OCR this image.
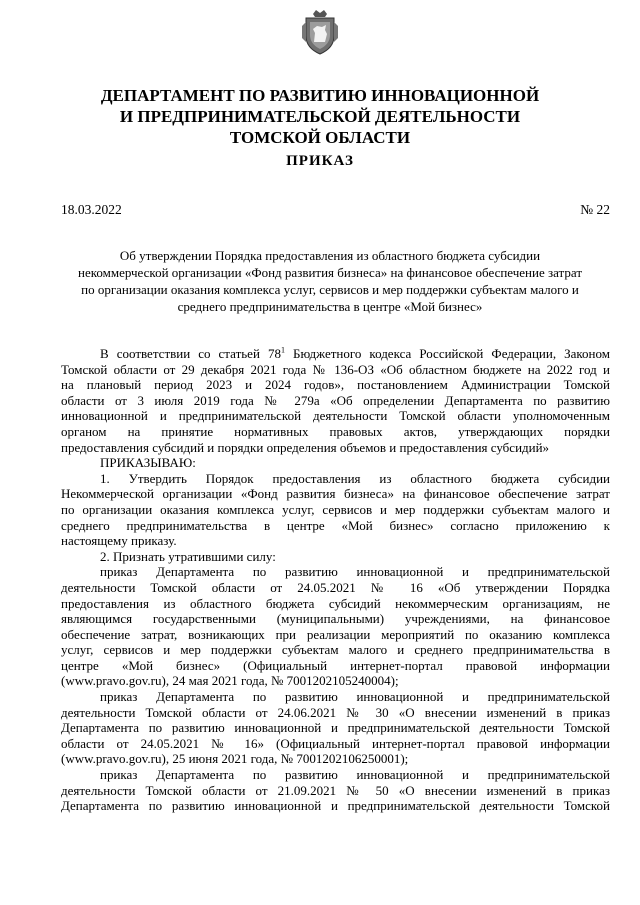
ДЕПАРТАМЕНТ ПО РАЗВИТИЮ ИННОВАЦИОННОЙ
И ПРЕДПРИНИМАТЕЛЬСКОЙ ДЕЯТЕЛЬНОСТИ
ТОМСКОЙ ОБЛАСТИ
ПРИКАЗ
18.03.2022	№ 22
Об утверждении Порядка предоставления из областного бюджета субсидии
некоммерческой организации «Фонд развития бизнеса» на финансовое обеспечение затрат
по организации оказания комплекса услуг, сервисов и мер поддержки субъектам малого и
среднего предпринимательства в центре «Мой бизнес»
В соответствии со статьей $78^1$ Бюджетного кодекса Российской Федерации, Законом
Томской области от 29 декабря 2021 года № 136-ОЗ «Об областном бюджете на 2022 год и
на плановый период 2023 и 2024 годов», постановлением Администрации Томской
области от 3 июля 2019 года № 279а «Об определении Департамента по развитию
инновационной и предпринимательской деятельности Томской области уполномоченным
органом на принятие нормативных правовых актов, утверждающих порядки
предоставления субсидий и порядки определения объемов и предоставления субсидий»
ПРИКАЗЫВАЮ:
1. Утвердить Порядок предоставления из областного бюджета субсидии
Некоммерческой организации «Фонд развития бизнеса» на финансовое обеспечение затрат
по организации оказания комплекса услуг, сервисов и мер поддержки субъектам малого и
среднего предпринимательства в центре «Мой бизнес» согласно приложению к
настоящему приказу.
2. Признать утратившими силу:
приказ Департамента по развитию инновационной и предпринимательской
деятельности Томской области от 24.05.2021 № 16 «Об утверждении Порядка
предоставления из областного бюджета субсидий некоммерческим организациям, не
являющимся государственными (муниципальными) учреждениями, на финансовое
обеспечение затрат, возникающих при реализации мероприятий по оказанию комплекса
услуг, сервисов и мер поддержки субъектам малого и среднего предпринимательства в
центре «Мой бизнес» (Официальный интернет-портал правовой информации
(www.pravo.gov.ru), 24 мая 2021 года, № 7001202105240004);
приказ Департамента по развитию инновационной и предпринимательской
деятельности Томской области от 24.06.2021 № 30 «О внесении изменений в приказ
Департамента по развитию инновационной и предпринимательской деятельности Томской
области от 24.05.2021 № 16» (Официальный интернет-портал правовой информации
(www.pravo.gov.ru), 25 июня 2021 года, № 7001202106250001);
приказ Департамента по развитию инновационной и предпринимательской
деятельности Томской области от 21.09.2021 № 50 «О внесении изменений в приказ
Департамента по развитию инновационной и предпринимательской деятельности Томской
